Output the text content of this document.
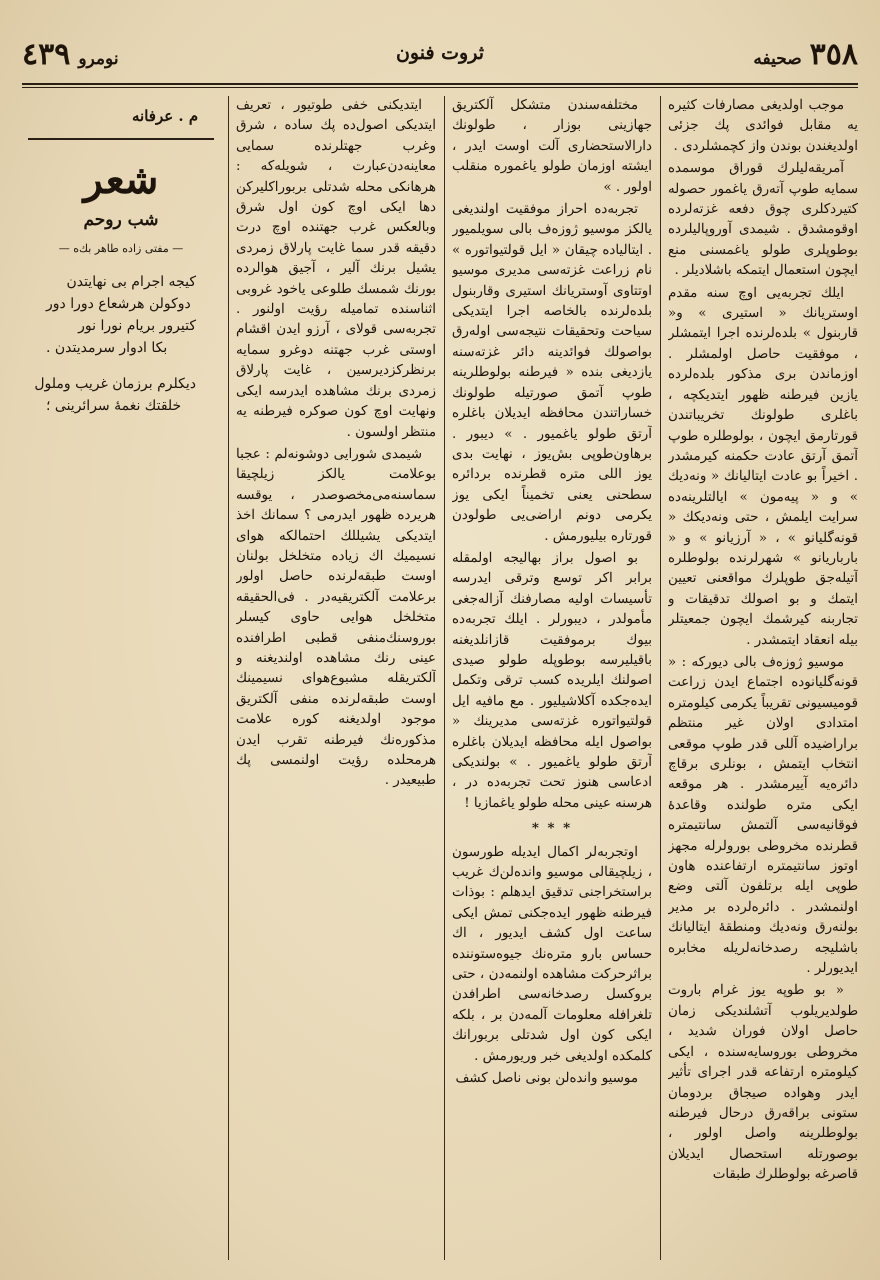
٣٥٨
صحيفه
ثروت فنون
نومرو
٤٣٩

موجب اولدیغی مصارفات کثیره یه مقابل فوائدی پك جزئی اولدیغندن بوندن واز کچمشلردی .

آمریقه‌لیلرك قوراق موسمده سمایه طوپ آتەرق یاغمور حصوله کتیردکلری چوق دفعه غزته‌لرده اوقومشدق . شیمدی آوروپالیلرده بوطوپلری طولو یاغمسنی منع ایچون استعمال ایتمکه باشلادیلر .

ایلك تجربه‌یی اوچ سنه مقدم اوستریانك « استیری » و« قاربنول » بلده‌لرنده اجرا ایتمشلر ، موفقیت حاصل اولمشلر . اوزماندن بری مذکور بلده‌لرده یازین فیرطنه ظهور ایتدیکچه ، باغلری طولونك تخریباتندن قورتارمق ایچون ، بولوطلره طوپ آتمق آرتق عادت حکمنه کیرمشدر . اخیراً بو عادت ایتالیانك « ونه‌دیك » و « پیه‌مون » ایالتلرینه‌ده سرایت ایلمش ، حتی ونه‌دیكك « قونه‌گلیانو » ، « آرزیانو » و « بارباریانو » شهرلرنده بولوطلره آتیله‌جق طوپلرك مواقعنی تعیین ایتمك و بو اصولك تدقیقات و تجاربنه کیرشمك ایچون جمعیتلر بیله انعقاد ایتمشدر .

موسیو ژوزه‌ف بالی دیورکه : « قونه‌گلیانوده اجتماع ایدن زراعت قومیسیونی تقریباً یکرمی کیلومتره امتدادی اولان غیر منتظم براراضیده آللی قدر طوپ موقعی انتخاب ایتمش ، بونلری برقاچ دائره‌یه آییرمشدر . هر موقعه ایکی متره طولنده وقاعده‌ٔ فوقانیه‌سی آلتمش سانتیمتره قطرنده مخروطی بورولرله مجهز اوتوز سانتیمتره ارتفاعنده هاون طوپی ایله برتلفون آلتی وضع اولنمشدر . دائره‌لرده بر مدیر بولنه‌رق ونه‌دیك ومنطقه‌ٔ ایتالیانك باشلیجه رصدخانه‌لریله مخابره ایدیورلر .

« بو طوپه یوز غرام باروت طولدیریلوب آتشلندیکی زمان حاصل اولان فوران شدید ، مخروطی بوروسایه‌سنده ، ایکی کیلومتره ارتفاعه قدر اجرای تأثیر ایدر وهواده صیجاق بردومان ستونی براقەرق درحال فیرطنه بولوطلرینه واصل اولور ، بوصورتله استحصال ایدیلان قاصرغه بولوطلرك طبقات

مختلفه‌سندن متشکل آلکتریق جهازینی بوزار ، طولونك دارالاستحضاری آلت اوست ایدر ، ایشته اوزمان طولو یاغموره منقلب اولور . »

تجربه‌ده احراز موفقیت اولندیغی یالکز موسیو ژوزه‌ف بالی سویلمیور . ایتالیاده چیقان « ایل قولتیواتوره » نام زراعت غزته‌سی مدیری موسیو اوتتاوی آوستریانك استیری وقاربنول بلده‌لرنده بالخاصه اجرا ایتدیکی سیاحت وتحقیقات نتیجه‌سی اولەرق بواصولك فوائدینه دائر غزته‌سنه یازدیغی بنده « فیرطنه بولوطلرینه طوپ آتمق صورتیله طولونك خساراتندن محافظه ایدیلان باغلره آرتق طولو یاغمیور . » دیبور . برهاون‌طوپی بش‌یوز ، نهایت بدی یوز اللی متره قطرنده بردائره سطحنی یعنی تخمیناً ایکی یوز یکرمی دونم اراضی‌یی طولودن قورتاره بیلیورمش .

بو اصول براز بهالیجه اولمقله برابر اکر توسع وترقی ایدرسه تأسیسات اولیه مصارفنك آزاله‌جغی مأمولدر ، دیبورلر . ایلك تجربه‌ده بیوك برموفقیت قازانلدیغنه باقیلیرسه بوطوپله طولو صیدی اصولنك ایلریده کسب ترقی وتکمل ایده‌جکده آکلاشیلیور . مع مافیه ایل قولتیواتوره غزته‌سی مدیرینك « بواصول ایله محافظه ایدیلان باغلره آرتق طولو یاغمیور . » بولندیکی ادعاسی هنوز تحت تجربه‌ده در ، هرسنه عینی محله طولو یاغمازیا !

* * *

اوتجربه‌لر اکمال ایدیله طورسون ، زیلچیقالی موسیو واندەلن‌ك غریب براستخراجنی تدقیق ایدهلم : بوذات فیرطنه ظهور ایده‌جکنی تمش ایکی ساعت اول کشف ایدیور ، اك حساس بارو مترەنك جیوه‌ستوننده براثرحرکت مشاهده اولنمەدن ، حتی بروکسل رصدخانه‌سی اطرافدن تلغرافله معلومات آلمەدن بر ، بلکه ایکی کون اول شدتلی بربورانك کلمکده اولدیغی خبر وریورمش .

موسیو واندەلن بونی ناصل کشف

ایتدیکنی خفی طوتیور ، تعریف ایتدیکی اصول‌ده پك ساده ، شرق وغرب جهتلرنده سمایی معاینه‌دن‌عبارت ، شویلەکه : هرهانکی محله شدتلی بربوراکلیرکن دها ایکی اوچ کون اول شرق وبالعکس غرب جهتنده اوچ درت دقیقه قدر سما غایت پارلاق زمردی یشیل برنك آلیر ، آجیق هوالرده بورنك شمسك طلوعی یاخود غروبی اثناسنده تمامیله رؤیت اولنور . تجربه‌سی قولای ، آرزو ایدن اقشام اوستی غرب جهتنه دوغرو سمایه برنظرکزدیرسین ، غایت پارلاق زمردی برنك مشاهده ایدرسه ایکی ونهایت اوچ کون صوکره فیرطنه یه منتظر اولسون .

شیمدی شورایی دوشونه‌لم : عجبا بوعلامت یالکز زیلچیقا سماسنه‌می‌مخصوصدر ، یوقسه هریرده ظهور ایدرمی ؟ سمانك اخذ ایتدیکی یشیللك احتمالکه هوای نسیمیك اك زیاده متخلخل بولنان اوست طبقه‌لرنده حاصل اولور برعلامت آلکتریقیه‌در . فی‌الحقیقه متخلخل هوایی حاوی کیسلر بوروسنك‌منفی قطبی اطرافنده عینی رنك مشاهده اولندیغنه و آلکتریقله مشبوع‌هوای نسیمینك اوست طبقه‌لرنده منفی آلکتریق موجود اولدیغنه کوره علامت مذکورەنك فیرطنه تقرب ایدن هرمحلده رؤیت اولنمسی پك طبیعیدر .

م . عرفانه
شعر
شب روحم
— مفتی زاده طاهر بك‌ه —

کیجه اجرام بی نهایتدن

دوکولن هرشعاع دورا دور

کتیرور بریام نورا نور

بکا ادوار سرمدیتدن .

دیکلرم برزمان غریب وملول

خلقتك نغمهٔ سرائرینی ؛
